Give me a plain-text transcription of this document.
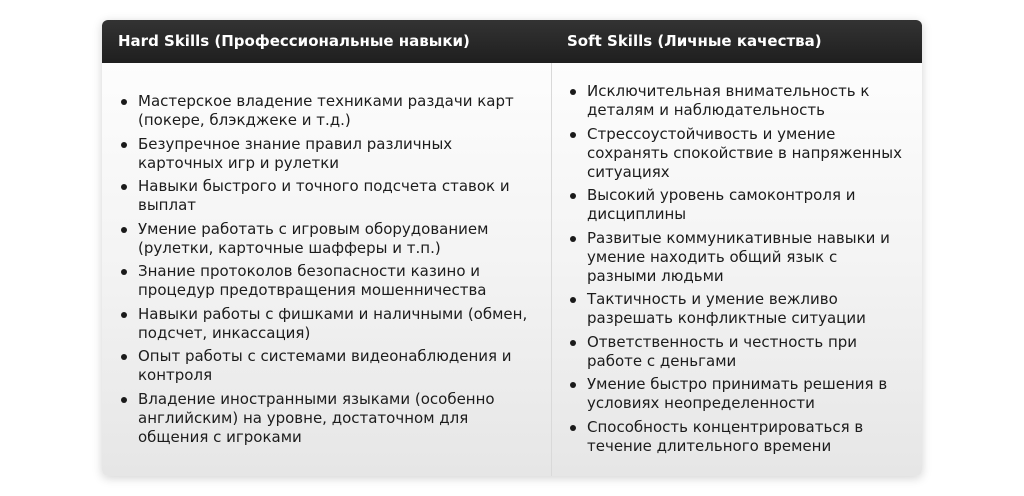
Hard Skills (Профессиональные навыки)	Soft Skills (Личные качества)
Мастерское владение техниками раздачи карт (покере, блэкджеке и т.д.)
Безупречное знание правил различных карточных игр и рулетки
Навыки быстрого и точного подсчета ставок и выплат
Умение работать с игровым оборудованием (рулетки, карточные шафферы и т.п.)
Знание протоколов безопасности казино и процедур предотвращения мошенничества
Навыки работы с фишками и наличными (обмен, подсчет, инкассация)
Опыт работы с системами видеонаблюдения и контроля
Владение иностранными языками (особенно английским) на уровне, достаточном для общения с игроками
Исключительная внимательность к деталям и наблюдательность
Стрессоустойчивость и умение сохранять спокойствие в напряженных ситуациях
Высокий уровень самоконтроля и дисциплины
Развитые коммуникативные навыки и умение находить общий язык с разными людьми
Тактичность и умение вежливо разрешать конфликтные ситуации
Ответственность и честность при работе с деньгами
Умение быстро принимать решения в условиях неопределенности
Способность концентрироваться в течение длительного времени
